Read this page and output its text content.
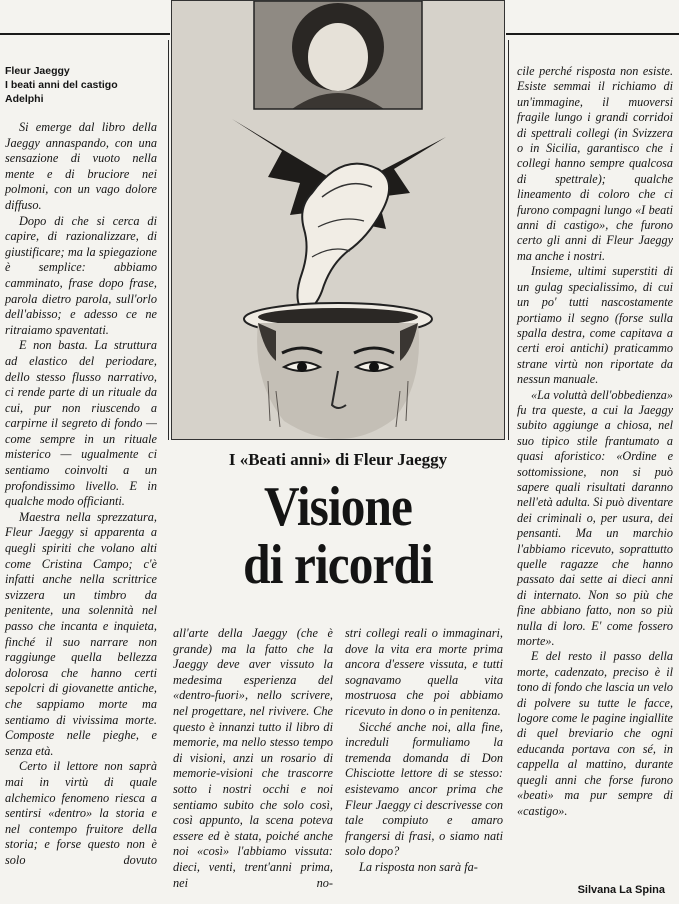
Fleur Jaeggy
I beati anni del castigo
Adelphi

Si emerge dal libro della Jaeggy annaspando, con una sensazione di vuoto nella mente e di bruciore nei polmoni, con un vago dolore diffuso.

Dopo di che si cerca di capire, di razionalizzare, di giustificare; ma la spiegazione è semplice: abbiamo camminato, frase dopo frase, parola dietro parola, sull'orlo dell'abisso; e adesso ce ne ritraiamo spaventati.

E non basta. La struttura ad elastico del periodare, dello stesso flusso narrativo, ci rende parte di un rituale da cui, pur non riuscendo a carpirne il segreto di fondo — come sempre in un rituale misterico — ugualmente ci sentiamo coinvolti a un profondissimo livello. E in qualche modo officianti.

Maestra nella sprezzatura, Fleur Jaeggy si apparenta a quegli spiriti che volano alti come Cristina Campo; c'è infatti anche nella scrittrice svizzera un timbro da penitente, una solennità nel passo che incanta e inquieta, finché il suo narrare non raggiunge quella bellezza dolorosa che hanno certi sepolcri di giovanette antiche, che sappiamo morte ma sentiamo di vivissima morte. Composte nelle pieghe, e senza età.

Certo il lettore non saprà mai in virtù di quale alchemico fenomeno riesca a sentirsi «dentro» la storia e nel contempo fruitore della storia; e forse questo non è solo dovuto

I «Beati anni» di Fleur Jaeggy
Visione
di ricordi

all'arte della Jaeggy (che è grande) ma la fatto che la Jaeggy deve aver vissuto la medesima esperienza del «dentro-fuori», nello scrivere, nel progettare, nel rivivere. Che questo è innanzi tutto il libro di memorie, ma nello stesso tempo di visioni, anzi un rosario di memorie-visioni che trascorre sotto i nostri occhi e noi sentiamo subito che solo così, così appunto, la scena poteva essere ed è stata, poiché anche noi «così» l'abbiamo vissuta: dieci, venti, trent'anni prima, nei no-

stri collegi reali o immaginari, dove la vita era morte prima ancora d'essere vissuta, e tutti sognavamo quella vita mostruosa che poi abbiamo ricevuto in dono o in penitenza.

Sicché anche noi, alla fine, increduli formuliamo la tremenda domanda di Don Chisciotte lettore di se stesso: esistevamo ancor prima che Fleur Jaeggy ci descrivesse con tale compiuto e amaro frangersi di frasi, o siamo nati solo dopo?

La risposta non sarà fa-

cile perché risposta non esiste. Esiste semmai il richiamo di un'immagine, il muoversi fragile lungo i grandi corridoi di spettrali collegi (in Svizzera o in Sicilia, garantisco che i collegi hanno sempre qualcosa di spettrale); qualche lineamento di coloro che ci furono compagni lungo «I beati anni di castigo», che furono certo gli anni di Fleur Jaeggy ma anche i nostri.

Insieme, ultimi superstiti di un gulag specialissimo, di cui un po' tutti nascostamente portiamo il segno (forse sulla spalla destra, come capitava a certi eroi antichi) praticammo strane virtù non riportate da nessun manuale.

«La voluttà dell'obbedienza» fu tra queste, a cui la Jaeggy subito aggiunge a chiosa, nel suo tipico stile frantumato a quasi aforistico: «Ordine e sottomissione, non si può sapere quali risultati daranno nell'età adulta. Si può diventare dei criminali o, per usura, dei pensanti. Ma un marchio l'abbiamo ricevuto, soprattutto quelle ragazze che hanno passato dai sette ai dieci anni di internato. Non so più che fine abbiano fatto, non so più nulla di loro. E' come fossero morte».

E del resto il passo della morte, cadenzato, preciso è il tono di fondo che lascia un velo di polvere su tutte le facce, logore come le pagine ingiallite di quel breviario che ogni educanda portava con sé, in cappella al mattino, durante quegli anni che forse furono «beati» ma pur sempre di «castigo».

Silvana La Spina
